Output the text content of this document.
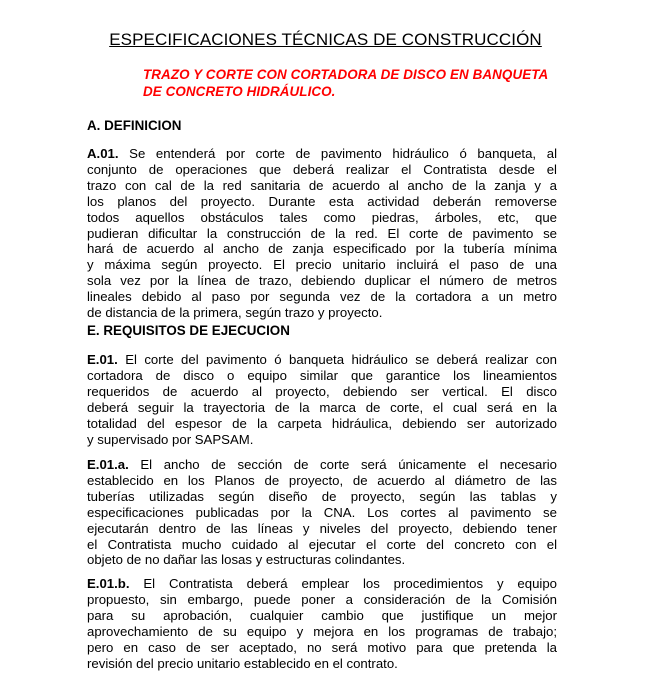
ESPECIFICACIONES TÉCNICAS DE CONSTRUCCIÓN
TRAZO Y CORTE CON CORTADORA DE DISCO EN BANQUETA
DE CONCRETO HIDRÁULICO.
A. DEFINICION
A.01. Se entenderá por corte de pavimento hidráulico ó banqueta, al
conjunto de operaciones que deberá realizar el Contratista desde el
trazo con cal de la red sanitaria de acuerdo al ancho de la zanja y a
los planos del proyecto. Durante esta actividad deberán removerse
todos aquellos obstáculos tales como piedras, árboles, etc, que
pudieran dificultar la construcción de la red. El corte de pavimento se
hará de acuerdo al ancho de zanja especificado por la tubería mínima
y máxima según proyecto. El precio unitario incluirá el paso de una
sola vez por la línea de trazo, debiendo duplicar el número de metros
lineales debido al paso por segunda vez de la cortadora a un metro
de distancia de la primera, según trazo y proyecto.
E. REQUISITOS DE EJECUCION
E.01. El corte del pavimento ó banqueta hidráulico se deberá realizar con
cortadora de disco o equipo similar que garantice los lineamientos
requeridos de acuerdo al proyecto, debiendo ser vertical. El disco
deberá seguir la trayectoria de la marca de corte, el cual será en la
totalidad del espesor de la carpeta hidráulica, debiendo ser autorizado
y supervisado por SAPSAM.
E.01.a. El ancho de sección de corte será únicamente el necesario
establecido en los Planos de proyecto, de acuerdo al diámetro de las
tuberías utilizadas según diseño de proyecto, según las tablas y
especificaciones publicadas por la CNA. Los cortes al pavimento se
ejecutarán dentro de las líneas y niveles del proyecto, debiendo tener
el Contratista mucho cuidado al ejecutar el corte del concreto con el
objeto de no dañar las losas y estructuras colindantes.
E.01.b. El Contratista deberá emplear los procedimientos y equipo
propuesto, sin embargo, puede poner a consideración de la Comisión
para su aprobación, cualquier cambio que justifique un mejor
aprovechamiento de su equipo y mejora en los programas de trabajo;
pero en caso de ser aceptado, no será motivo para que pretenda la
revisión del precio unitario establecido en el contrato.
